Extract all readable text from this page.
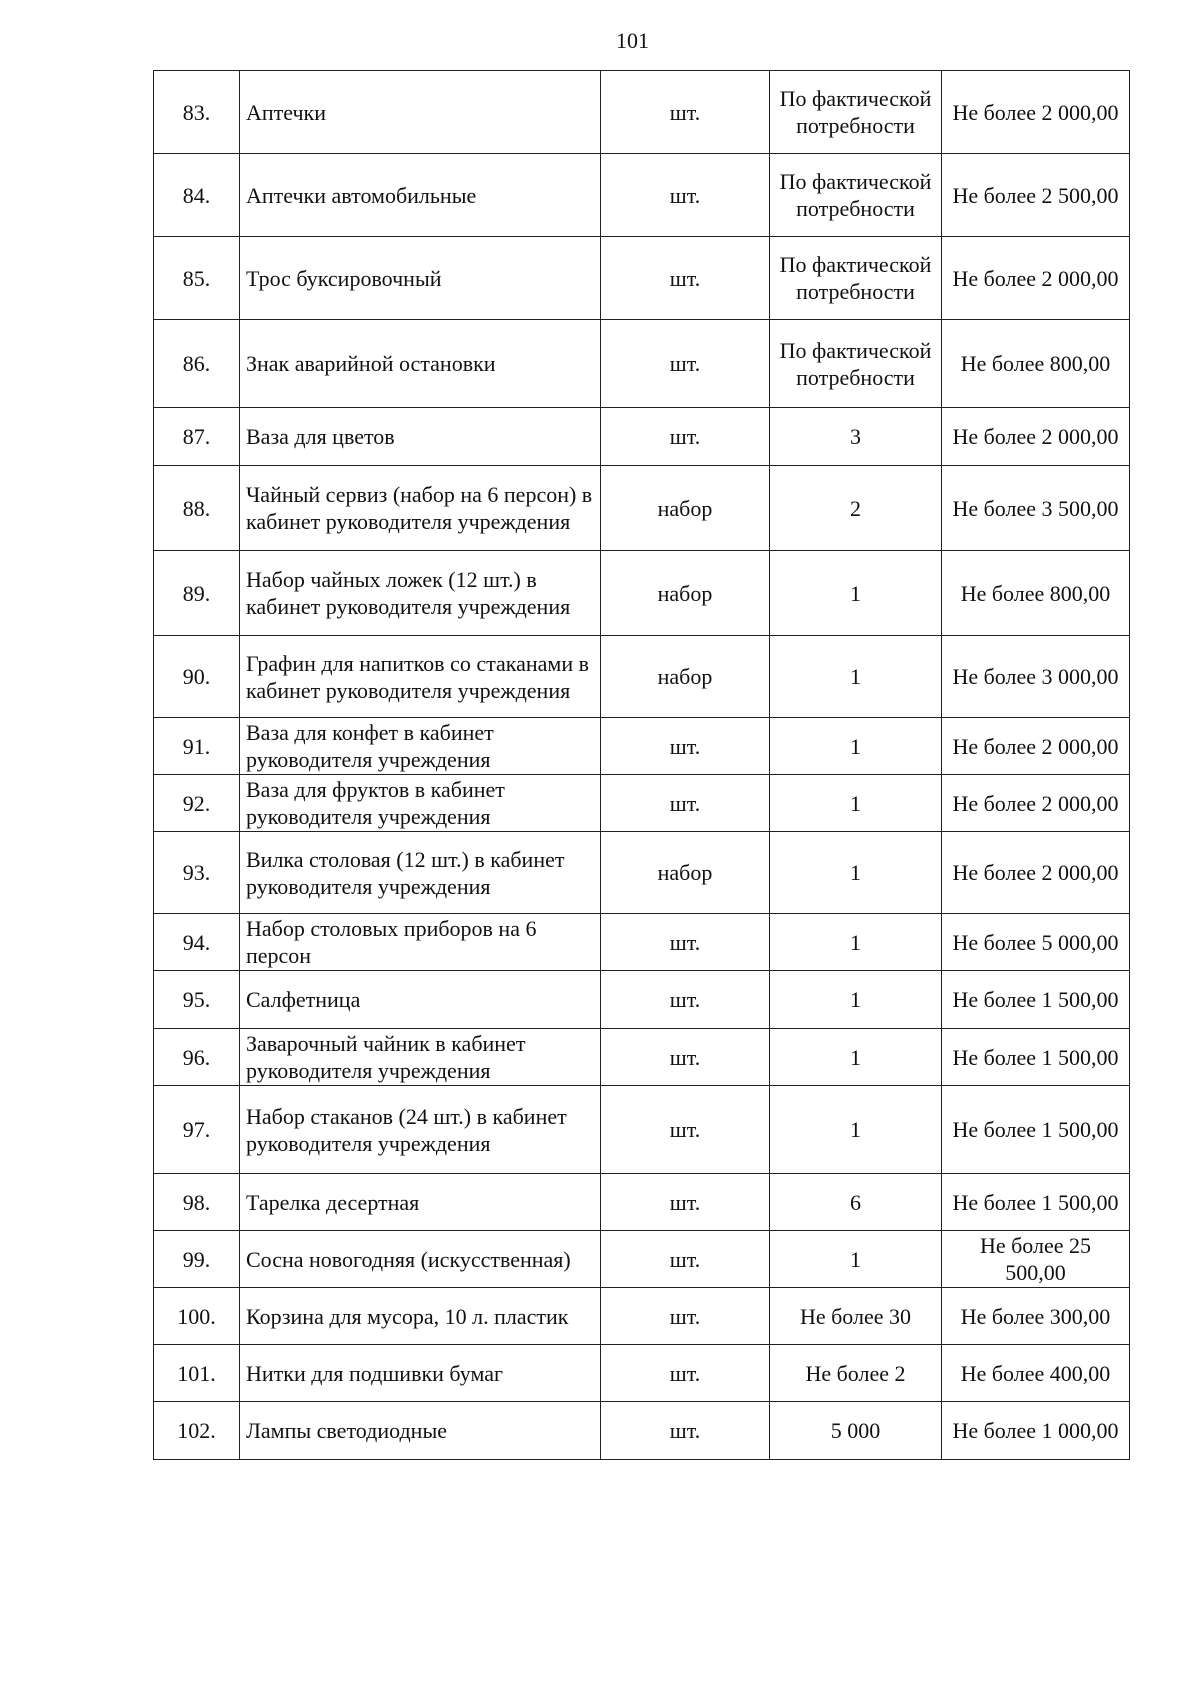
101
83.	Аптечки	шт.	По фактической потребности	Не более 2 000,00
84.	Аптечки автомобильные	шт.	По фактической потребности	Не более 2 500,00
85.	Трос буксировочный	шт.	По фактической потребности	Не более 2 000,00
86.	Знак аварийной остановки	шт.	По фактической потребности	Не более 800,00
87.	Ваза для цветов	шт.	3	Не более 2 000,00
88.	Чайный сервиз (набор на 6 персон) в кабинет руководителя учреждения	набор	2	Не более 3 500,00
89.	Набор чайных ложек (12 шт.) в кабинет руководителя учреждения	набор	1	Не более 800,00
90.	Графин для напитков со стаканами в кабинет руководителя учреждения	набор	1	Не более 3 000,00
91.	Ваза для конфет в кабинет руководителя учреждения	шт.	1	Не более 2 000,00
92.	Ваза для фруктов в кабинет руководителя учреждения	шт.	1	Не более 2 000,00
93.	Вилка столовая (12 шт.) в кабинет руководителя учреждения	набор	1	Не более 2 000,00
94.	Набор столовых приборов на 6 персон	шт.	1	Не более 5 000,00
95.	Салфетница	шт.	1	Не более 1 500,00
96.	Заварочный чайник в кабинет руководителя учреждения	шт.	1	Не более 1 500,00
97.	Набор стаканов (24 шт.) в кабинет руководителя учреждения	шт.	1	Не более 1 500,00
98.	Тарелка десертная	шт.	6	Не более 1 500,00
99.	Сосна новогодняя (искусственная)	шт.	1	Не более 25 500,00
100.	Корзина для мусора, 10 л. пластик	шт.	Не более 30	Не более 300,00
101.	Нитки для подшивки бумаг	шт.	Не более 2	Не более 400,00
102.	Лампы светодиодные	шт.	5 000	Не более 1 000,00
